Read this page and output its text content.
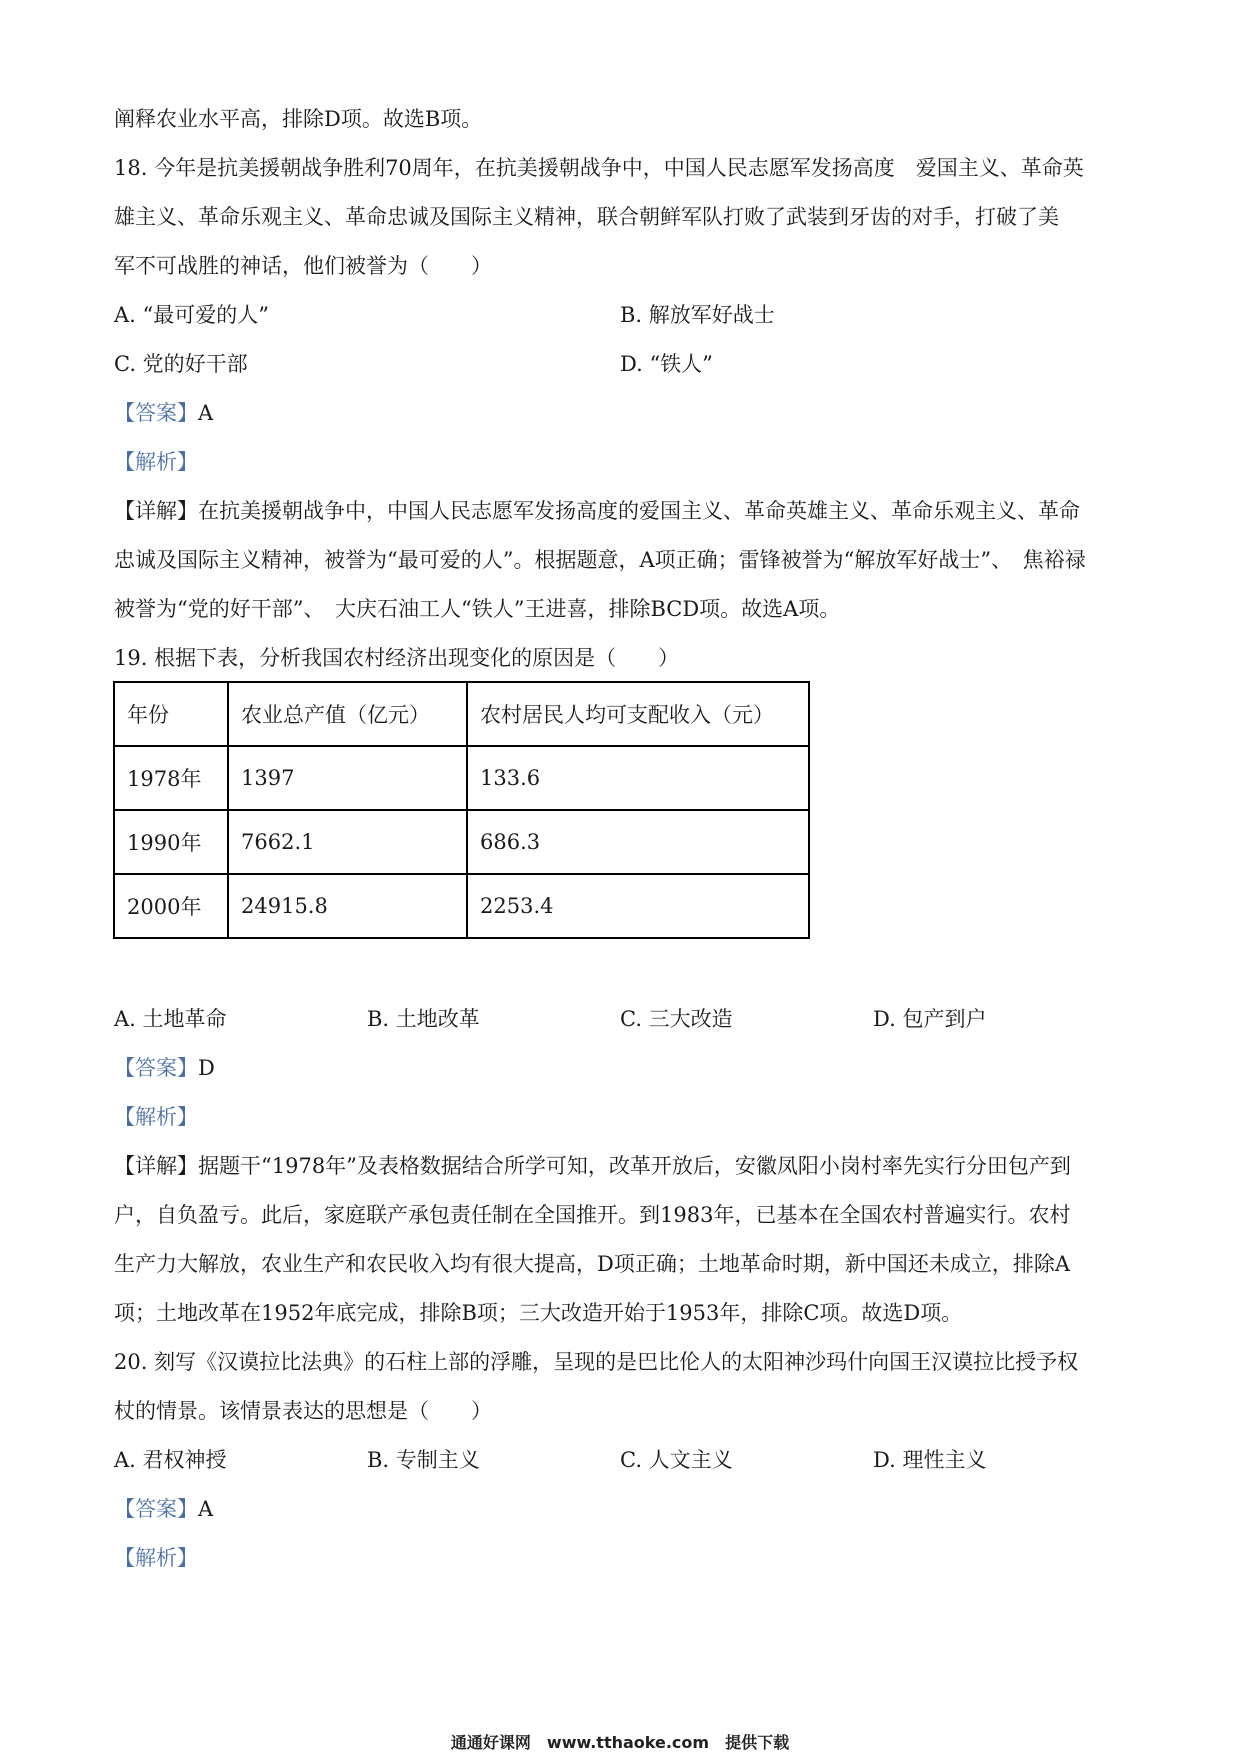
阐释农业水平高，排除D项。故选B项。
18. 今年是抗美援朝战争胜利70周年，在抗美援朝战争中，中国人民志愿军发扬高度　爱国主义、革命英
雄主义、革命乐观主义、革命忠诚及国际主义精神，联合朝鲜军队打败了武装到牙齿的对手，打破了美
军不可战胜的神话，他们被誉为（　　）
A. “最可爱的人”	B. 解放军好战士
C. 党的好干部	D. “铁人”
【答案】A
【解析】
【详解】在抗美援朝战争中，中国人民志愿军发扬高度的爱国主义、革命英雄主义、革命乐观主义、革命
忠诚及国际主义精神，被誉为“最可爱的人”。根据题意，A项正确；雷锋被誉为“解放军好战士”、　焦裕禄
被誉为“党的好干部”、　大庆石油工人“铁人”王进喜，排除BCD项。故选A项。
19. 根据下表，分析我国农村经济出现变化的原因是（　　）
年份	农业总产值（亿元）	农村居民人均可支配收入（元）
1978年	1397	133.6
1990年	7662.1	686.3
2000年	24915.8	2253.4
A. 土地革命	B. 土地改革	C. 三大改造	D. 包产到户
【答案】D
【解析】
【详解】据题干“1978年”及表格数据结合所学可知，改革开放后，安徽凤阳小岗村率先实行分田包产到
户，自负盈亏。此后，家庭联产承包责任制在全国推开。到1983年，已基本在全国农村普遍实行。农村
生产力大解放，农业生产和农民收入均有很大提高，D项正确；土地革命时期，新中国还未成立，排除A
项；土地改革在1952年底完成，排除B项；三大改造开始于1953年，排除C项。故选D项。
20. 刻写《汉谟拉比法典》的石柱上部的浮雕，呈现的是巴比伦人的太阳神沙玛什向国王汉谟拉比授予权
杖的情景。该情景表达的思想是（　　）
A. 君权神授	B. 专制主义	C. 人文主义	D. 理性主义
【答案】A
【解析】
通通好课网　www.tthaoke.com　提供下载
